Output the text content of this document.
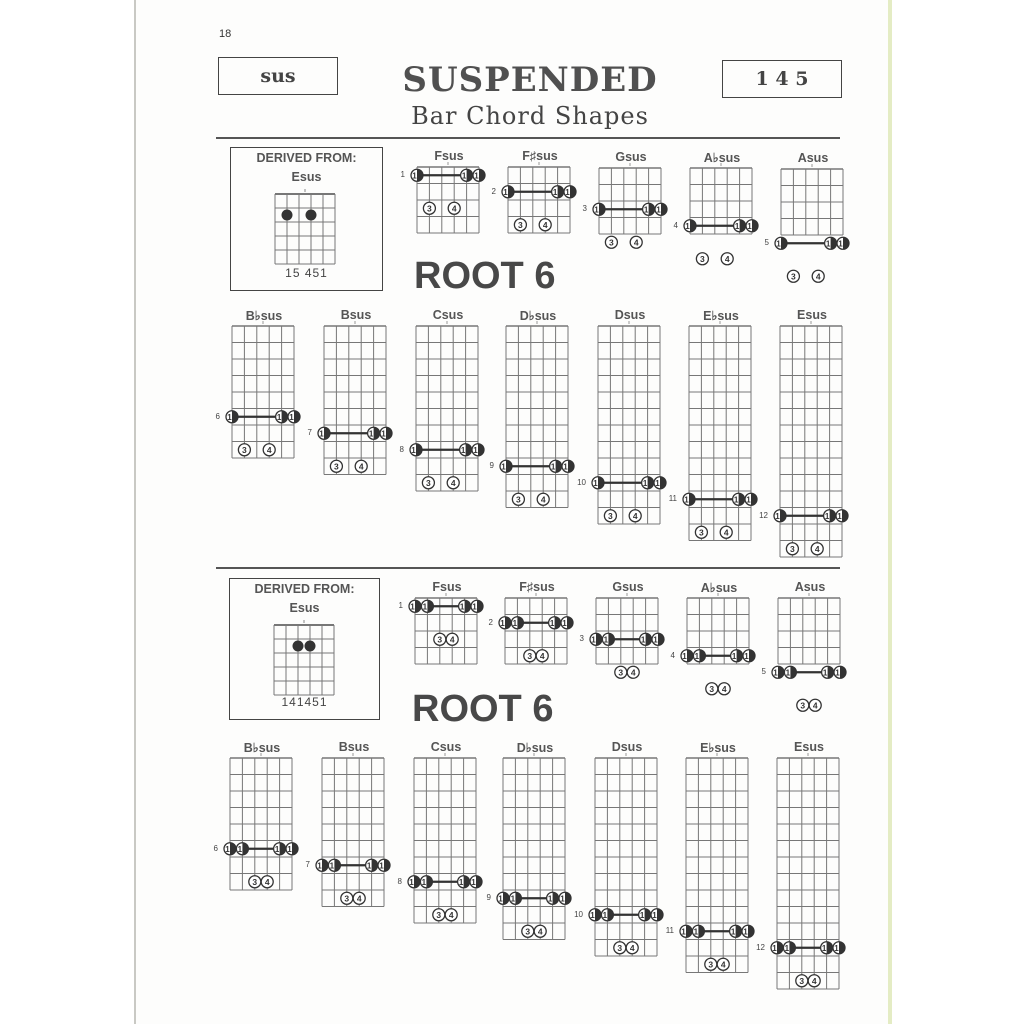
18
sus	SUSPENDED
Bar Chord Shapes
1 4 5
DERIVED FROM:
Esus
15 451	ROOT 6
DERIVED FROM:
Esus
141451	ROOT 6
Fsus
1	1 1
3 4
1
F♯sus
1	1 1
3 4
2
Gsus
1	1 1
3 4
3
A♭sus
1	1 1
3 4
4
Asus
1	1 1
3 4
5
B♭sus
1	1 1
3 4
6
Bsus
1	1 1
3 4
7
Csus
1	1 1
3 4
8
D♭sus
1	1 1
3 4
9
Dsus
1	1 1
3 4
10
E♭sus
1	1 1
3 4
11
Esus
1	1 1
3 4
12
Fsus
1 1	1 1
3 4
1
F♯sus
1 1	1 1
3 4
2
Gsus
1 1	1 1
3 4
3
A♭sus
1 1	1 1
3 4
4
Asus
1 1	1 1
3 4
5
B♭sus
1 1	1 1
3 4
6
Bsus
1 1	1 1
3 4
7
Csus
1 1	1 1
3 4
8
D♭sus
1 1	1 1
3 4
9
Dsus
1 1	1 1
3 4
10
E♭sus
1 1	1 1
3 4
11
Esus
1 1	1 1
3 4
12
